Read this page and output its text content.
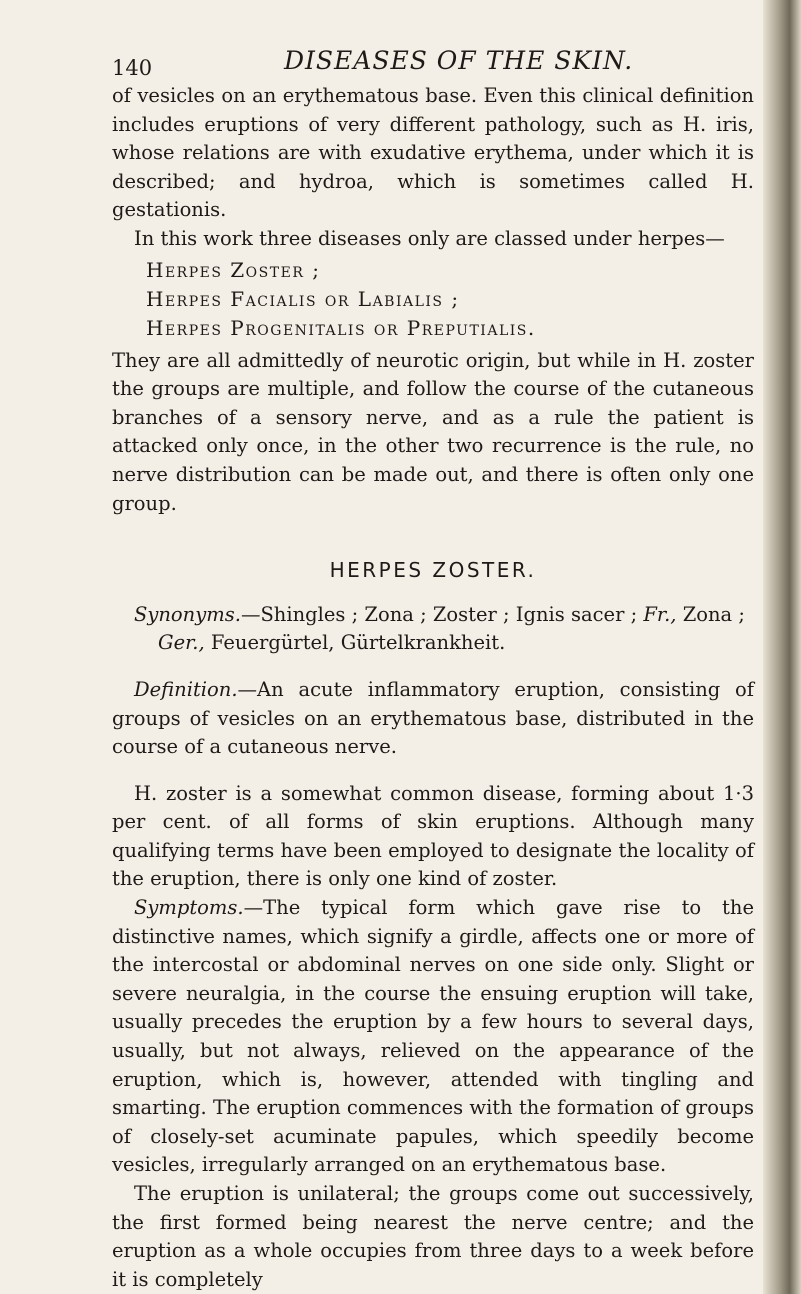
140	DISEASES OF THE SKIN.

of vesicles on an erythematous base. Even this clinical definition includes eruptions of very different pathology, such as H. iris, whose relations are with exudative erythema, under which it is described; and hydroa, which is sometimes called H. gestationis.

In this work three diseases only are classed under herpes—

Herpes Zoster ;
Herpes Facialis or Labialis ;
Herpes Progenitalis or Preputialis.

They are all admittedly of neurotic origin, but while in H. zoster the groups are multiple, and follow the course of the cutaneous branches of a sensory nerve, and as a rule the patient is attacked only once, in the other two recurrence is the rule, no nerve distribution can be made out, and there is often only one group.

HERPES ZOSTER.

Synonyms.—Shingles ; Zona ; Zoster ; Ignis sacer ; Fr., Zona ;

Ger., Feuergürtel, Gürtelkrankheit.

Definition.—An acute inflammatory eruption, consisting of groups of vesicles on an erythematous base, distributed in the course of a cutaneous nerve.

H. zoster is a somewhat common disease, forming about 1·3 per cent. of all forms of skin eruptions. Although many qualifying terms have been employed to designate the locality of the eruption, there is only one kind of zoster.

Symptoms.—The typical form which gave rise to the distinctive names, which signify a girdle, affects one or more of the intercostal or abdominal nerves on one side only. Slight or severe neuralgia, in the course the ensuing eruption will take, usually precedes the eruption by a few hours to several days, usually, but not always, relieved on the appearance of the eruption, which is, however, attended with tingling and smarting. The eruption commences with the formation of groups of closely-set acuminate papules, which speedily become vesicles, irregularly arranged on an erythematous base.

The eruption is unilateral; the groups come out successively, the first formed being nearest the nerve centre; and the eruption as a whole occupies from three days to a week before it is completely
